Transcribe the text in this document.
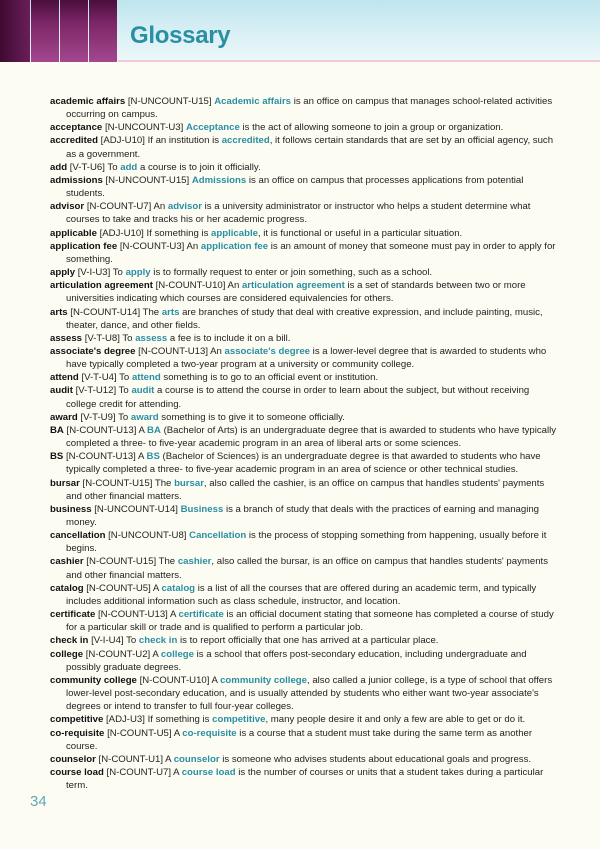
Glossary

academic affairs [N-UNCOUNT-U15] Academic affairs is an office on campus that manages school-related activities occurring on campus.

acceptance [N-UNCOUNT-U3] Acceptance is the act of allowing someone to join a group or organization.

accredited [ADJ-U10] If an institution is accredited, it follows certain standards that are set by an official agency, such as a government.

add [V-T-U6] To add a course is to join it officially.

admissions [N-UNCOUNT-U15] Admissions is an office on campus that processes applications from potential students.

advisor [N-COUNT-U7] An advisor is a university administrator or instructor who helps a student determine what courses to take and tracks his or her academic progress.

applicable [ADJ-U10] If something is applicable, it is functional or useful in a particular situation.

application fee [N-COUNT-U3] An application fee is an amount of money that someone must pay in order to apply for something.

apply [V-I-U3] To apply is to formally request to enter or join something, such as a school.

articulation agreement [N-COUNT-U10] An articulation agreement is a set of standards between two or more universities indicating which courses are considered equivalencies for others.

arts [N-COUNT-U14] The arts are branches of study that deal with creative expression, and include painting, music, theater, dance, and other fields.

assess [V-T-U8] To assess a fee is to include it on a bill.

associate's degree [N-COUNT-U13] An associate's degree is a lower-level degree that is awarded to students who have typically completed a two-year program at a university or community college.

attend [V-T-U4] To attend something is to go to an official event or institution.

audit [V-T-U12] To audit a course is to attend the course in order to learn about the subject, but without receiving college credit for attending.

award [V-T-U9] To award something is to give it to someone officially.

BA [N-COUNT-U13] A BA (Bachelor of Arts) is an undergraduate degree that is awarded to students who have typically completed a three- to five-year academic program in an area of liberal arts or some sciences.

BS [N-COUNT-U13] A BS (Bachelor of Sciences) is an undergraduate degree is that awarded to students who have typically completed a three- to five-year academic program in an area of science or other technical studies.

bursar [N-COUNT-U15] The bursar, also called the cashier, is an office on campus that handles students' payments and other financial matters.

business [N-UNCOUNT-U14] Business is a branch of study that deals with the practices of earning and managing money.

cancellation [N-UNCOUNT-U8] Cancellation is the process of stopping something from happening, usually before it begins.

cashier [N-COUNT-U15] The cashier, also called the bursar, is an office on campus that handles students' payments and other financial matters.

catalog [N-COUNT-U5] A catalog is a list of all the courses that are offered during an academic term, and typically includes additional information such as class schedule, instructor, and location.

certificate [N-COUNT-U13] A certificate is an official document stating that someone has completed a course of study for a particular skill or trade and is qualified to perform a particular job.

check in [V-I-U4] To check in is to report officially that one has arrived at a particular place.

college [N-COUNT-U2] A college is a school that offers post-secondary education, including undergraduate and possibly graduate degrees.

community college [N-COUNT-U10] A community college, also called a junior college, is a type of school that offers lower-level post-secondary education, and is usually attended by students who either want two-year associate's degrees or intend to transfer to full four-year colleges.

competitive [ADJ-U3] If something is competitive, many people desire it and only a few are able to get or do it.

co-requisite [N-COUNT-U5] A co-requisite is a course that a student must take during the same term as another course.

counselor [N-COUNT-U1] A counselor is someone who advises students about educational goals and progress.

course load [N-COUNT-U7] A course load is the number of courses or units that a student takes during a particular term.

34
